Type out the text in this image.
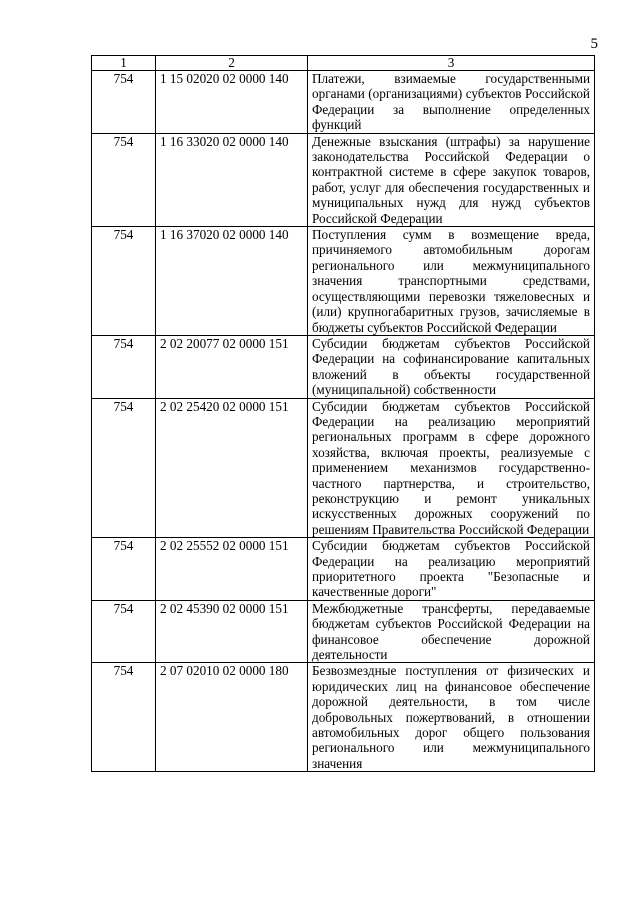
5
1	2	3
754	1 15 02020 02 0000 140	Платежи, взимаемые государственными органами (организациями) субъектов Российской Федерации за выполнение определенных функций
754	1 16 33020 02 0000 140	Денежные взыскания (штрафы) за нарушение законодательства Российской Федерации о контрактной системе в сфере закупок товаров, работ, услуг для обеспечения государственных и муниципальных нужд для нужд субъектов Российской Федерации
754	1 16 37020 02 0000 140	Поступления сумм в возмещение вреда, причиняемого автомобильным дорогам регионального или межмуниципального значения транспортными средствами, осуществляющими перевозки тяжеловесных и (или) крупногабаритных грузов, зачисляемые в бюджеты субъектов Российской Федерации
754	2 02 20077 02 0000 151	Субсидии бюджетам субъектов Российской Федерации на софинансирование капитальных вложений в объекты государственной (муниципальной) собственности
754	2 02 25420 02 0000 151	Субсидии бюджетам субъектов Российской Федерации на реализацию мероприятий региональных программ в сфере дорожного хозяйства, включая проекты, реализуемые с применением механизмов государственно-частного партнерства, и строительство, реконструкцию и ремонт уникальных искусственных дорожных сооружений по решениям Правительства Российской Федерации
754	2 02 25552 02 0000 151	Субсидии бюджетам субъектов Российской Федерации на реализацию мероприятий приоритетного проекта "Безопасные и качественные дороги"
754	2 02 45390 02 0000 151	Межбюджетные трансферты, передаваемые бюджетам субъектов Российской Федерации на финансовое обеспечение дорожной деятельности
754	2 07 02010 02 0000 180	Безвозмездные поступления от физических и юридических лиц на финансовое обеспечение дорожной деятельности, в том числе добровольных пожертвований, в отношении автомобильных дорог общего пользования регионального или межмуниципального значения
